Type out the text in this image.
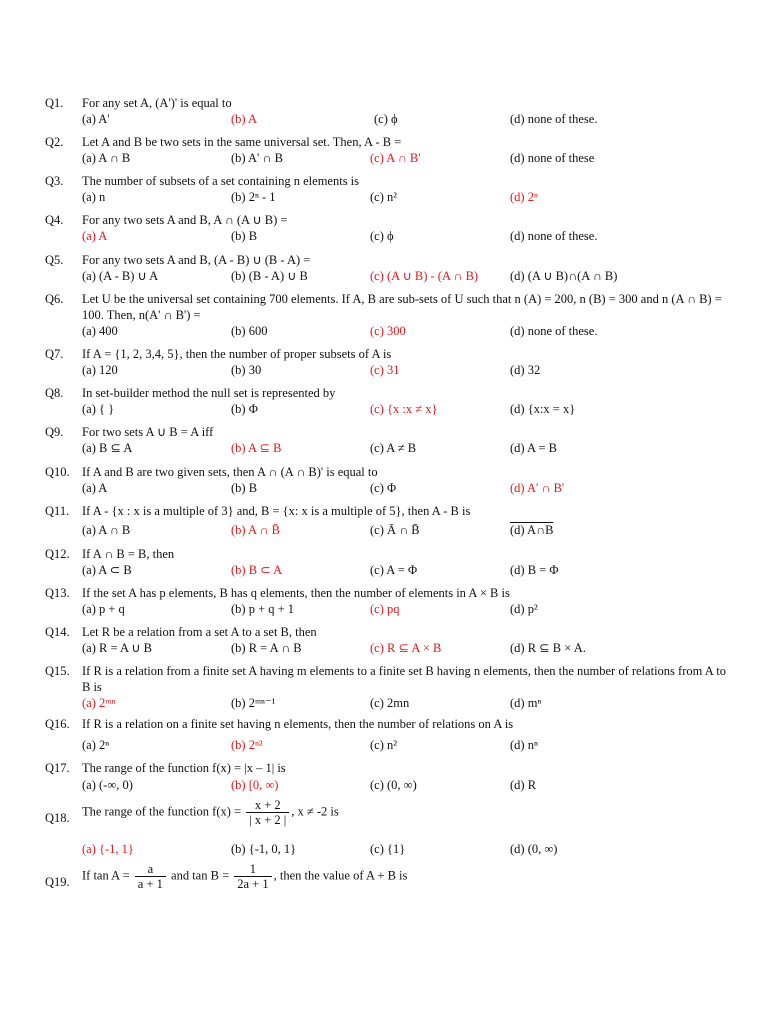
Q1. For any set A, (A')' is equal to
(a) A'	(b) A	(c) ϕ	(d) none of these.
Q2. Let A and B be two sets in the same universal set. Then, A - B =
(a) A ∩ B	(b) A' ∩ B	(c) A ∩ B'	(d) none of these
Q3. The number of subsets of a set containing n elements is
(a) n	(b) 2ⁿ - 1	(c) n²	(d) 2ⁿ
Q4. For any two sets A and B, A ∩ (A ∪ B) =
(a) A	(b) B	(c) ϕ	(d) none of these.
Q5. For any two sets A and B, (A - B) ∪ (B - A) =
(a) (A - B) ∪ A	(b) (B - A) ∪ B	(c) (A ∪ B) - (A ∩ B)	(d) (A ∪ B)∩(A ∩ B)
Q6. Let U be the universal set containing 700 elements. If A, B are sub-sets of U such that n (A) = 200, n (B) = 300 and n (A ∩ B) = 100. Then, n(A' ∩ B') =
(a) 400	(b) 600	(c) 300	(d) none of these.
Q7. If A = {1, 2, 3,4, 5}, then the number of proper subsets of A is
(a) 120	(b) 30	(c) 31	(d) 32
Q8. In set-builder method the null set is represented by
(a) { }	(b) Φ	(c) {x :x ≠ x}	(d) {x:x = x}
Q9. For two sets A ∪ B = A iff
(a) B ⊆ A	(b) A ⊆ B	(c) A ≠ B	(d) A = B
Q10. If A and B are two given sets, then A ∩ (A ∩ B)' is equal to
(a) A	(b) B	(c) Φ	(d) A' ∩ B'
Q11. If A - {x : x is a multiple of 3} and, B = {x: x is a multiple of 5}, then A - B is
(a) A ∩ B	(b) A ∩ B̄	(c) Ā ∩ B̄	(d) A∩B
Q12. If A ∩ B = B, then
(a) A ⊂ B	(b) B ⊂ A	(c) A = Φ	(d) B = Φ
Q13. If the set A has p elements, B has q elements, then the number of elements in A × B is
(a) p + q	(b) p + q + 1	(c) pq	(d) p²
Q14. Let R be a relation from a set A to a set B, then
(a) R = A ∪ B	(b) R = A ∩ B	(c) R ⊆ A × B	(d) R ⊆ B × A.
Q15. If R is a relation from a finite set A having m elements to a finite set B having n elements, then the number of relations from A to B is
(a) 2ᵐⁿ	(b) 2ᵐⁿ⁻¹	(c) 2mn	(d) mⁿ
Q16. If R is a relation on a finite set having n elements, then the number of relations on A is
(a) 2ⁿ	(b) 2ⁿ²	(c) n²	(d) nⁿ
Q17. The range of the function f(x) = |x – 1| is
(a) (-∞, 0)	(b) [0, ∞)	(c) (0, ∞)	(d) R
Q18. The range of the function $f(x) = \frac{x + 2}{| x + 2 |}$ , x ≠ -2 is
(a) {-1, 1}	(b) {-1, 0, 1}	(c) {1}	(d) (0, ∞)
Q19. If $\tan A = \frac{a}{a + 1}$ and $\tan B = \frac{1}{2a + 1}$ , then the value of A + B is
